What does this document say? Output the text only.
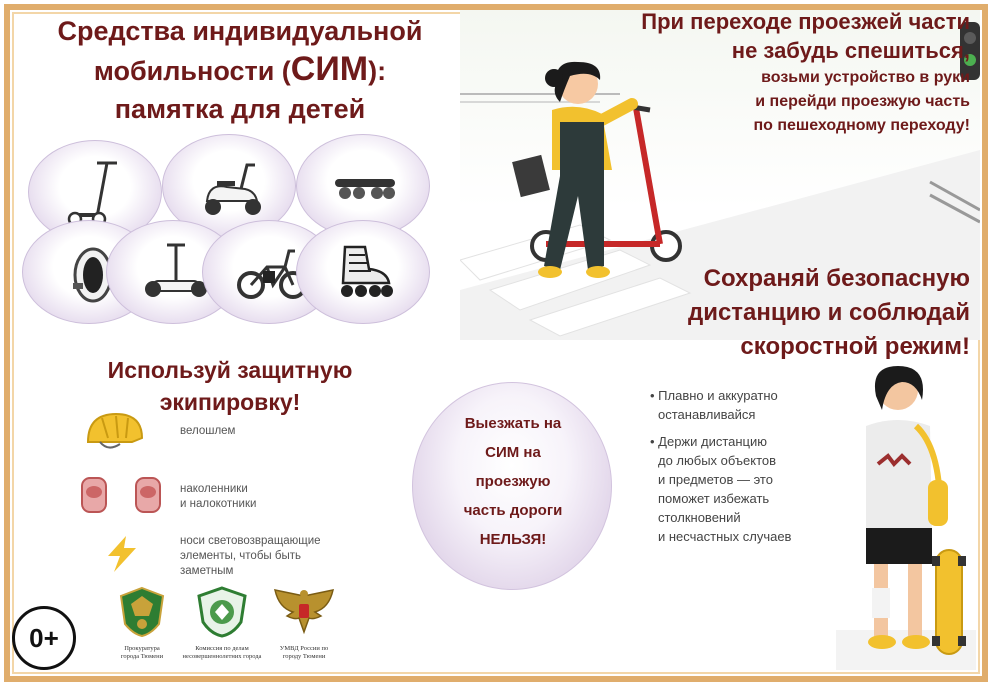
Средства индивидуальной
мобильности (СИМ):
памятка для детей
При переходе проезжей части
не забудь спешиться,
возьми устройство в руки
и перейди проезжую часть
по пешеходному переходу!
Сохраняй безопасную
дистанцию и соблюдай
скоростной режим!
Используй защитную
экипировку!
велошлем
наколенники
и налокотники
носи световозвращающие
элементы, чтобы быть
заметным
Выезжать на
СИМ на
проезжую
часть дороги
НЕЛЬЗЯ!
• Плавно и аккуратно
останавливайся
• Держи дистанцию
до любых объектов
и предметов — это
поможет избежать
столкновений
и несчастных случаев
0+	Прокуратура
города Тюмени
Комиссия по делам
несовершеннолетних города
УМВД России по
городу Тюмени
